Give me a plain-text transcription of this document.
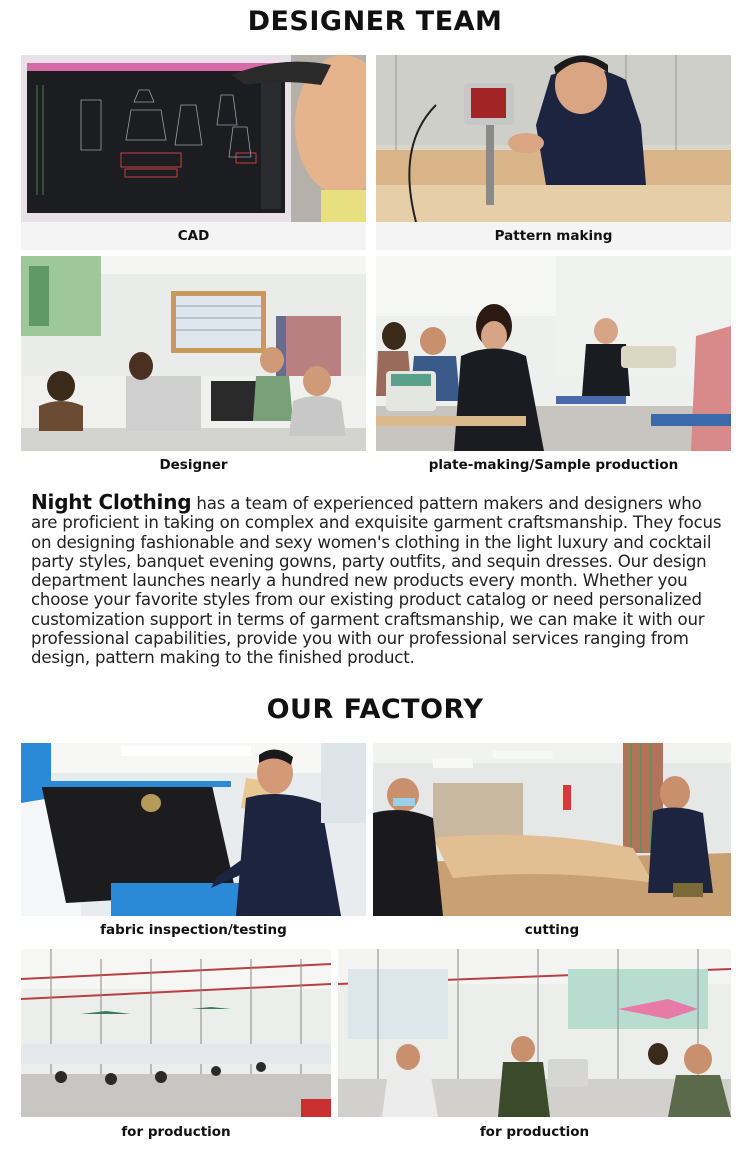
DESIGNER TEAM
CAD	Pattern making
Designer	plate-making/Sample production

Night Clothing has a team of experienced pattern makers and designers who are proficient in taking on complex and exquisite garment craftsmanship. They focus on designing fashionable and sexy women's clothing in the light luxury and cocktail party styles, banquet evening gowns, party outfits, and sequin dresses. Our design department launches nearly a hundred new products every month. Whether you choose your favorite styles from our existing product catalog or need personalized customization support in terms of garment craftsmanship, we can make it with our professional capabilities, provide you with our professional services ranging from design, pattern making to the finished product.

OUR FACTORY
fabric inspection/testing	cutting
for production	for production
